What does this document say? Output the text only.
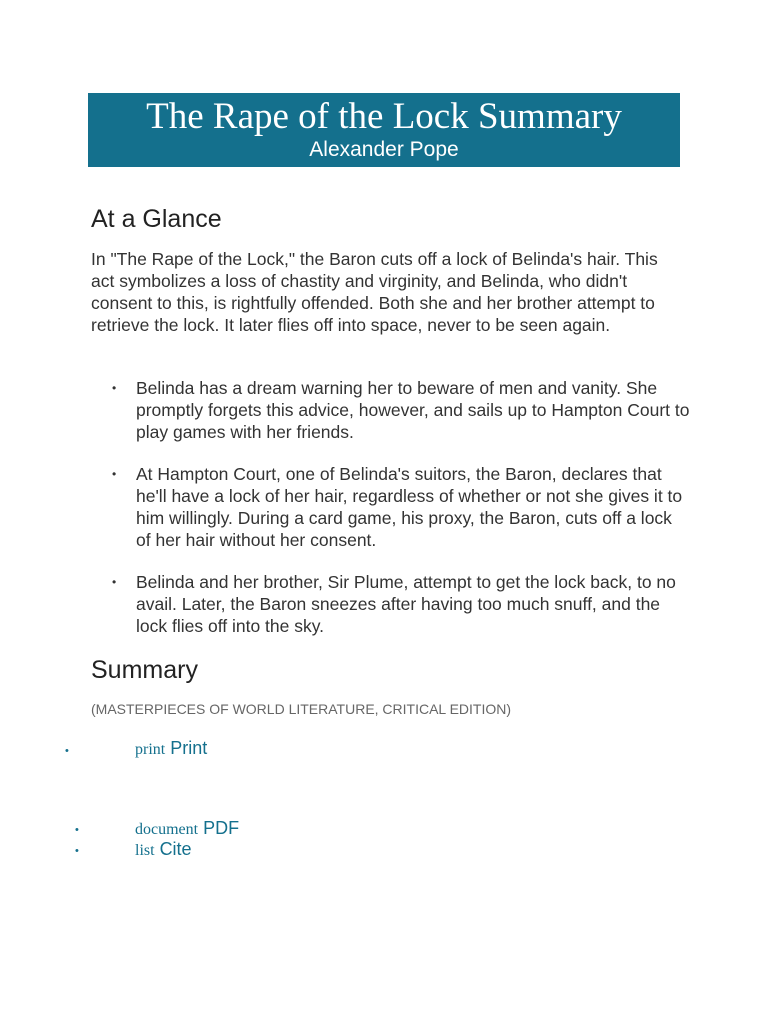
The Rape of the Lock Summary
Alexander Pope
At a Glance
In "The Rape of the Lock," the Baron cuts off a lock of Belinda's hair. This act symbolizes a loss of chastity and virginity, and Belinda, who didn't consent to this, is rightfully offended. Both she and her brother attempt to retrieve the lock. It later flies off into space, never to be seen again.
• Belinda has a dream warning her to beware of men and vanity. She promptly forgets this advice, however, and sails up to Hampton Court to play games with her friends.
• At Hampton Court, one of Belinda's suitors, the Baron, declares that he'll have a lock of her hair, regardless of whether or not she gives it to him willingly. During a card game, his proxy, the Baron, cuts off a lock of her hair without her consent.
• Belinda and her brother, Sir Plume, attempt to get the lock back, to no avail. Later, the Baron sneezes after having too much snuff, and the lock flies off into the sky.
Summary
(MASTERPIECES OF WORLD LITERATURE, CRITICAL EDITION)
•	print Print
•	document PDF
•	list Cite
